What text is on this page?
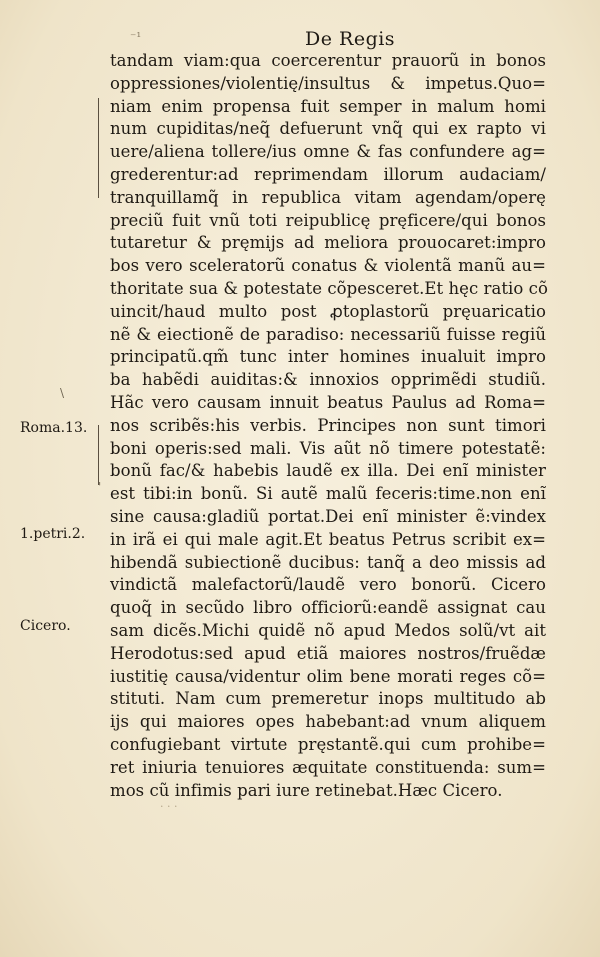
⁻¹	De Regis
tandam viam:qua coercerentur prauorũ in bonos
oppressiones/violentię/insultus & impetus.Quo=
niam enim propensa fuit semper in malum homi
num cupiditas/neq̃ defuerunt vnq̃ qui ex rapto vi
uere/aliena tollere/ius omne & fas confundere ag=
grederentur:ad reprimendam illorum audaciam/
tranquillamq̃ in republica vitam agendam/operę
preciũ fuit vnũ toti reipublicę pręficere/qui bonos
tutaretur & pręmijs ad meliora prouocaret:impro
bos vero sceleratorũ conatus & violentã manũ au=
thoritate sua & potestate cõpesceret.Et hęc ratio cõ
uincit/haud multo post ꝓtoplastorũ pręuaricatio
nẽ & eiectionẽ de paradiso: necessariũ fuisse regiũ
principatũ.qm̃ tunc inter homines inualuit impro
ba habẽdi auiditas:& innoxios opprimẽdi studiũ.
Hãc vero causam innuit beatus Paulus ad Roma=
nos scribẽs:his verbis. Principes non sunt timori
boni operis:sed mali. Vis aũt nõ timere potestatẽ:
bonũ fac/& habebis laudẽ ex illa. Dei enĩ minister
est tibi:in bonũ. Si autẽ malũ feceris:time.non enĩ
sine causa:gladiũ portat.Dei enĩ minister ẽ:vindex
in irã ei qui male agit.Et beatus Petrus scribit ex=
hibendã subiectionẽ ducibus: tanq̃ a deo missis ad
vindictã malefactorũ/laudẽ vero bonorũ. Cicero
quoq̃ in secũdo libro officiorũ:eandẽ assignat cau
sam dicẽs.Michi quidẽ nõ apud Medos solũ/vt ait
Herodotus:sed apud etiã maiores nostros/fruẽdæ
iustitię causa/videntur olim bene morati reges cõ=
stituti. Nam cum premeretur inops multitudo ab
ijs qui maiores opes habebant:ad vnum aliquem
confugiebant virtute pręstantẽ.qui cum prohibe=
ret iniuria tenuiores æquitate constituenda: sum=
mos cũ infimis pari iure retinebat.Hæc Cicero.
Roma.13.
1.petri.2.
Cicero.
\
'
· · ·
